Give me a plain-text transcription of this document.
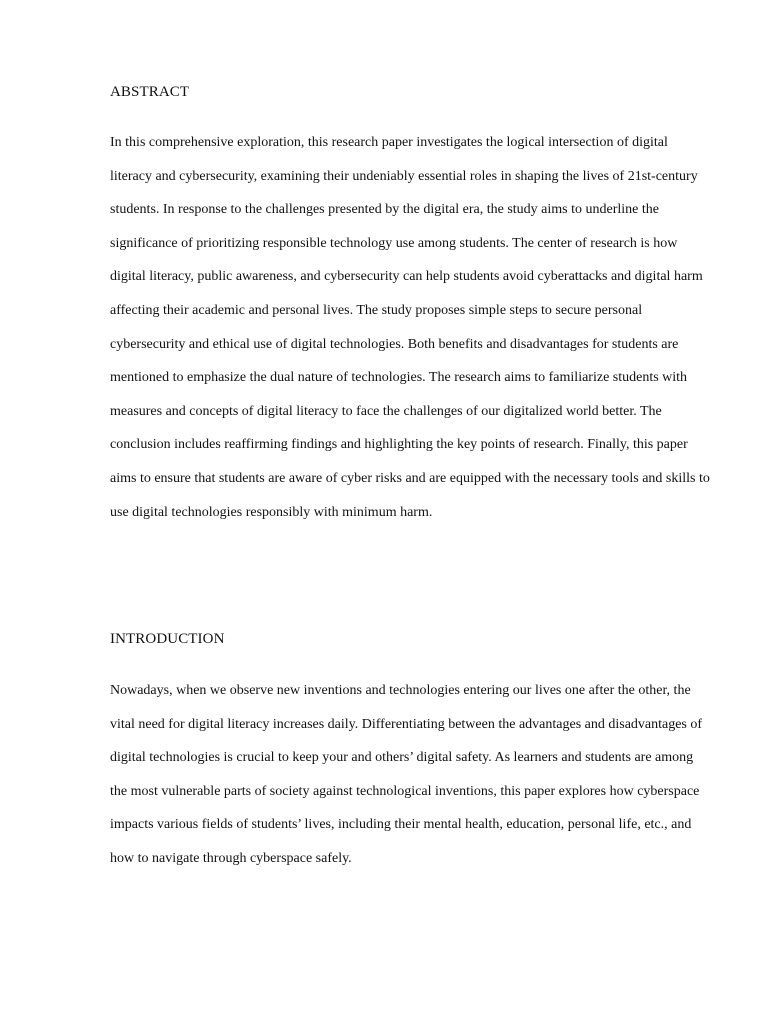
ABSTRACT

In this comprehensive exploration, this research paper investigates the logical intersection of digital literacy and cybersecurity, examining their undeniably essential roles in shaping the lives of 21st-century students. In response to the challenges presented by the digital era, the study aims to underline the significance of prioritizing responsible technology use among students. The center of research is how digital literacy, public awareness, and cybersecurity can help students avoid cyberattacks and digital harm affecting their academic and personal lives. The study proposes simple steps to secure personal cybersecurity and ethical use of digital technologies. Both benefits and disadvantages for students are mentioned to emphasize the dual nature of technologies. The research aims to familiarize students with measures and concepts of digital literacy to face the challenges of our digitalized world better. The conclusion includes reaffirming findings and highlighting the key points of research. Finally, this paper aims to ensure that students are aware of cyber risks and are equipped with the necessary tools and skills to use digital technologies responsibly with minimum harm.

INTRODUCTION

Nowadays, when we observe new inventions and technologies entering our lives one after the other, the vital need for digital literacy increases daily. Differentiating between the advantages and disadvantages of digital technologies is crucial to keep your and others’ digital safety. As learners and students are among the most vulnerable parts of society against technological inventions, this paper explores how cyberspace impacts various fields of students’ lives, including their mental health, education, personal life, etc., and how to navigate through cyberspace safely.
